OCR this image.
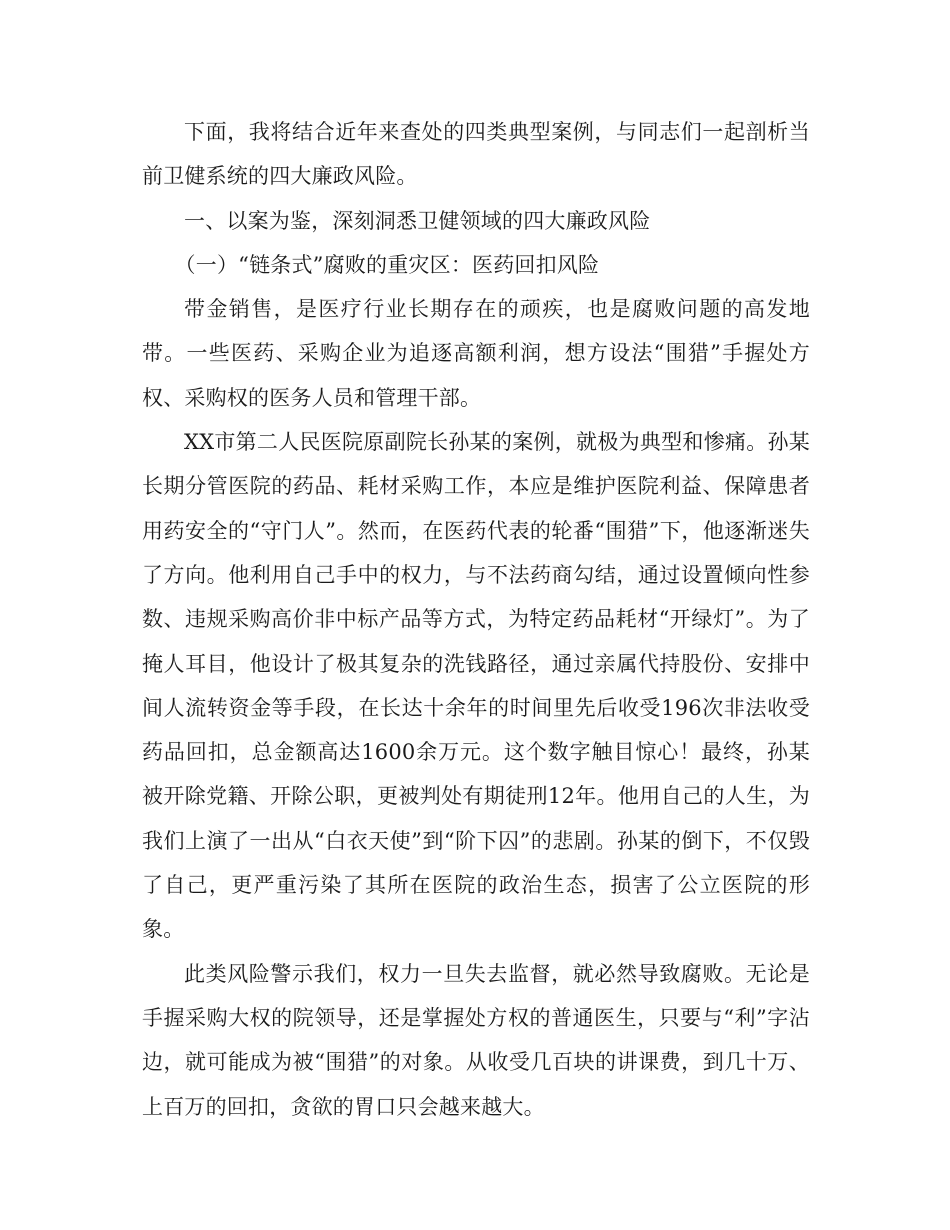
下面，我将结合近年来查处的四类典型案例，与同志们一起剖析当前卫健系统的四大廉政风险。

一、以案为鉴，深刻洞悉卫健领域的四大廉政风险

（一）“链条式”腐败的重灾区：医药回扣风险

带金销售，是医疗行业长期存在的顽疾，也是腐败问题的高发地带。一些医药、采购企业为追逐高额利润，想方设法“围猎”手握处方权、采购权的医务人员和管理干部。

XX市第二人民医院原副院长孙某的案例，就极为典型和惨痛。孙某长期分管医院的药品、耗材采购工作，本应是维护医院利益、保障患者用药安全的“守门人”。然而，在医药代表的轮番“围猎”下，他逐渐迷失了方向。他利用自己手中的权力，与不法药商勾结，通过设置倾向性参数、违规采购高价非中标产品等方式，为特定药品耗材“开绿灯”。为了掩人耳目，他设计了极其复杂的洗钱路径，通过亲属代持股份、安排中间人流转资金等手段，在长达十余年的时间里先后收受196次非法收受药品回扣，总金额高达1600余万元。这个数字触目惊心！最终，孙某被开除党籍、开除公职，更被判处有期徒刑12年。他用自己的人生，为我们上演了一出从“白衣天使”到“阶下囚”的悲剧。孙某的倒下，不仅毁了自己，更严重污染了其所在医院的政治生态，损害了公立医院的形象。

此类风险警示我们，权力一旦失去监督，就必然导致腐败。无论是手握采购大权的院领导，还是掌握处方权的普通医生，只要与“利”字沾边，就可能成为被“围猎”的对象。从收受几百块的讲课费，到几十万、上百万的回扣，贪欲的胃口只会越来越大。
